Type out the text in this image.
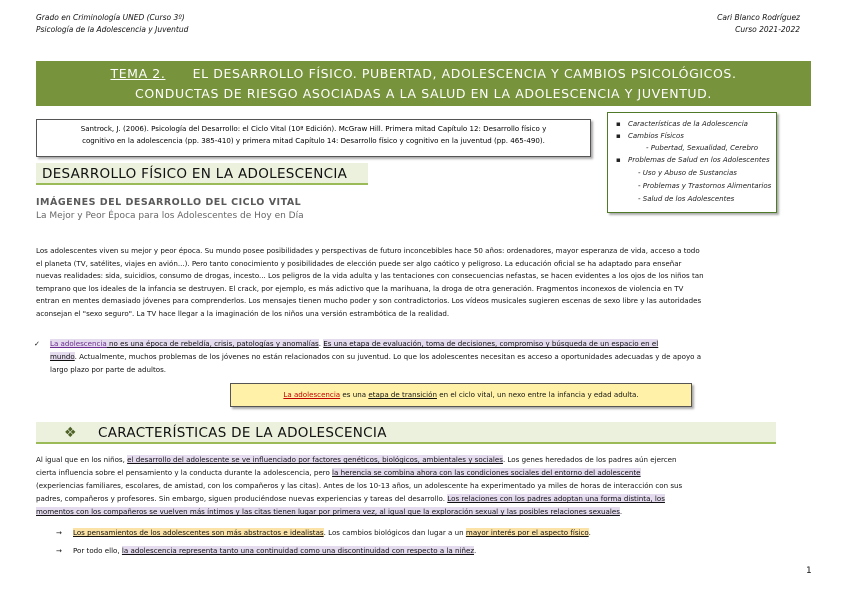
Grado en Criminología UNED (Curso 3º)
Psicología de la Adolescencia y Juventud
Cari Blanco Rodríguez
Curso 2021-2022
TEMA 2. EL DESARROLLO FÍSICO. PUBERTAD, ADOLESCENCIA Y CAMBIOS PSICOLÓGICOS.
CONDUCTAS DE RIESGO ASOCIADAS A LA SALUD EN LA ADOLESCENCIA Y JUVENTUD.
Santrock, J. (2006). Psicología del Desarrollo: el Ciclo Vital (10ª Edición). McGraw Hill. Primera mitad Capítulo 12: Desarrollo físico y
cognitivo en la adolescencia (pp. 385-410) y primera mitad Capítulo 14: Desarrollo físico y cognitivo en la juventud (pp. 465-490).
▪ Características de la Adolescencia
▪ Cambios Físicos
- Pubertad, Sexualidad, Cerebro
▪ Problemas de Salud en los Adolescentes
- Uso y Abuso de Sustancias
- Problemas y Trastornos Alimentarios
- Salud de los Adolescentes
DESARROLLO FÍSICO EN LA ADOLESCENCIA
IMÁGENES DEL DESARROLLO DEL CICLO VITAL
La Mejor y Peor Época para los Adolescentes de Hoy en Día
Los adolescentes viven su mejor y peor época. Su mundo posee posibilidades y perspectivas de futuro inconcebibles hace 50 años: ordenadores, mayor esperanza de vida, acceso a todo
el planeta (TV, satélites, viajes en avión...). Pero tanto conocimiento y posibilidades de elección puede ser algo caótico y peligroso. La educación oficial se ha adaptado para enseñar
nuevas realidades: sida, suicidios, consumo de drogas, incesto... Los peligros de la vida adulta y las tentaciones con consecuencias nefastas, se hacen evidentes a los ojos de los niños tan
temprano que los ideales de la infancia se destruyen. El crack, por ejemplo, es más adictivo que la marihuana, la droga de otra generación. Fragmentos inconexos de violencia en TV
entran en mentes demasiado jóvenes para comprenderlos. Los mensajes tienen mucho poder y son contradictorios. Los vídeos musicales sugieren escenas de sexo libre y las autoridades
aconsejan el "sexo seguro". La TV hace llegar a la imaginación de los niños una versión estrambótica de la realidad.
✓ La adolescencia no es una época de rebeldía, crisis, patologías y anomalías. Es una etapa de evaluación, toma de decisiones, compromiso y búsqueda de un espacio en el
mundo. Actualmente, muchos problemas de los jóvenes no están relacionados con su juventud. Lo que los adolescentes necesitan es acceso a oportunidades adecuadas y de apoyo a
largo plazo por parte de adultos.
La adolescencia es una etapa de transición en el ciclo vital, un nexo entre la infancia y edad adulta.
❖ CARACTERÍSTICAS DE LA ADOLESCENCIA
Al igual que en los niños, el desarrollo del adolescente se ve influenciado por factores genéticos, biológicos, ambientales y sociales. Los genes heredados de los padres aún ejercen
cierta influencia sobre el pensamiento y la conducta durante la adolescencia, pero la herencia se combina ahora con las condiciones sociales del entorno del adolescente
(experiencias familiares, escolares, de amistad, con los compañeros y las citas). Antes de los 10-13 años, un adolescente ha experimentado ya miles de horas de interacción con sus
padres, compañeros y profesores. Sin embargo, siguen produciéndose nuevas experiencias y tareas del desarrollo. Los relaciones con los padres adoptan una forma distinta, los
momentos con los compañeros se vuelven más íntimos y las citas tienen lugar por primera vez, al igual que la exploración sexual y las posibles relaciones sexuales.
→ Los pensamientos de los adolescentes son más abstractos e idealistas. Los cambios biológicos dan lugar a un mayor interés por el aspecto físico.
→ Por todo ello, la adolescencia representa tanto una continuidad como una discontinuidad con respecto a la niñez.
1
